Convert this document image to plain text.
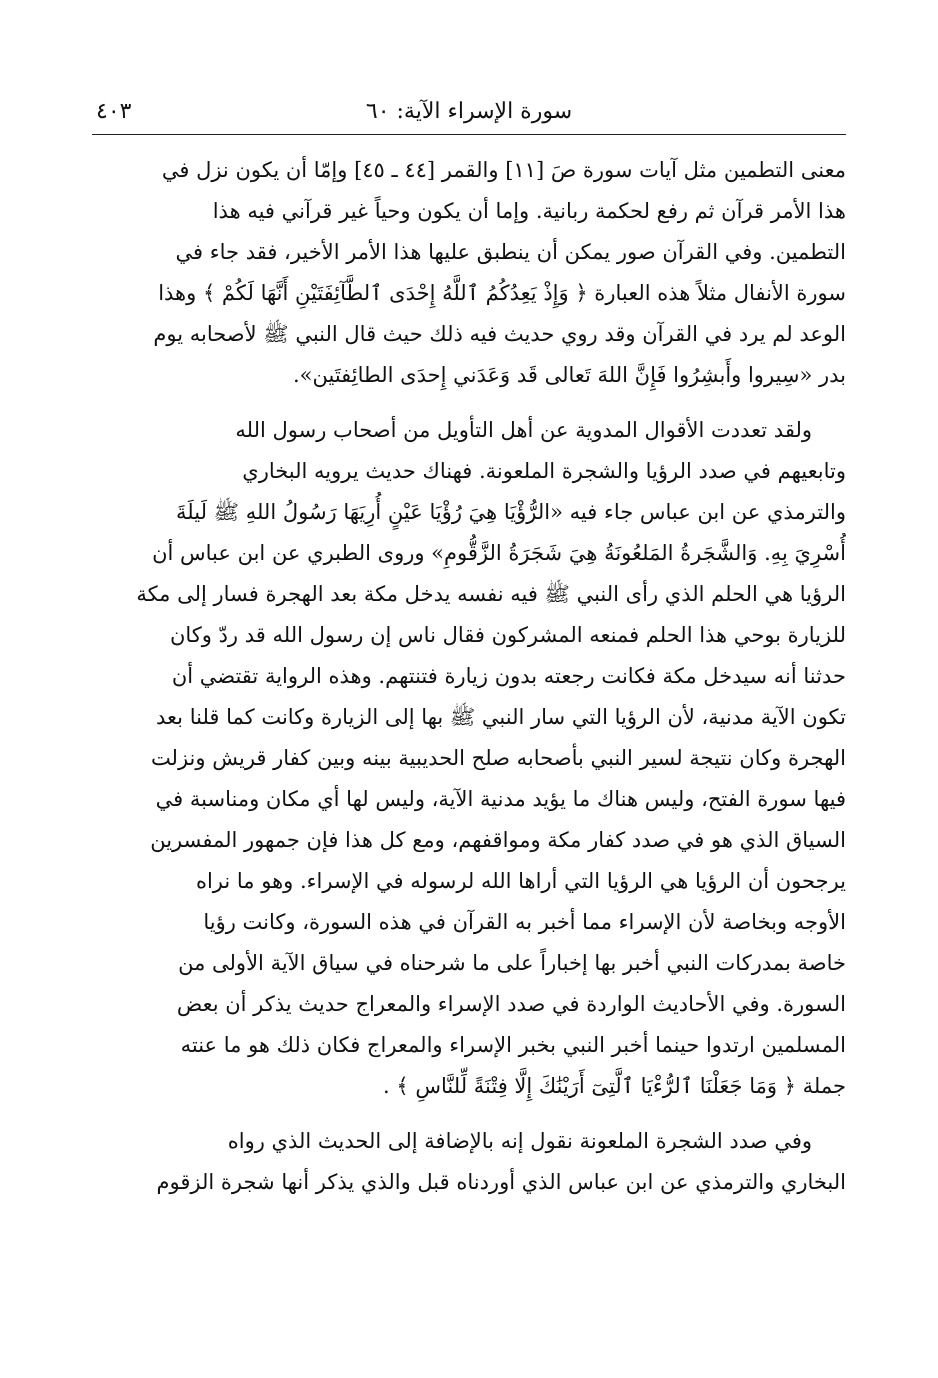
سورة الإسراء الآية: ٦٠
٤٠٣
معنى التطمين مثل آيات سورة صَ [١١] والقمر [٤٤ ـ ٤٥] وإمّا أن يكون نزل في
هذا الأمر قرآن ثم رفع لحكمة ربانية. وإما أن يكون وحياً غير قرآني فيه هذا
التطمين. وفي القرآن صور يمكن أن ينطبق عليها هذا الأمر الأخير، فقد جاء في
سورة الأنفال مثلاً هذه العبارة ﴿ وَإِذْ يَعِدُكُمُ ٱللَّهُ إِحْدَى ٱلطَّآئِفَتَيْنِ أَنَّهَا لَكُمْ ﴾ وهذا
الوعد لم يرد في القرآن وقد روي حديث فيه ذلك حيث قال النبي ﷺ لأصحابه يوم
بدر «سِيروا وأَبشِرُوا فَإِنَّ اللهَ تَعالى قَد وَعَدَني إِحدَى الطائِفتَين».
ولقد تعددت الأقوال المدوية عن أهل التأويل من أصحاب رسول الله
وتابعيهم في صدد الرؤيا والشجرة الملعونة. فهناك حديث يرويه البخاري
والترمذي عن ابن عباس جاء فيه «الرُّؤْيَا هِيَ رُؤْيَا عَيْنٍ أُرِيَهَا رَسُولُ اللهِ ﷺ لَيلَةَ
أُسْرِيَ بِهِ. وَالشَّجَرةُ المَلعُونَةُ هِيَ شَجَرَةُ الزَّقُّومِ» وروى الطبري عن ابن عباس أن
الرؤيا هي الحلم الذي رأى النبي ﷺ فيه نفسه يدخل مكة بعد الهجرة فسار إلى مكة
للزيارة بوحي هذا الحلم فمنعه المشركون فقال ناس إن رسول الله قد ردّ وكان
حدثنا أنه سيدخل مكة فكانت رجعته بدون زيارة فتنتهم. وهذه الرواية تقتضي أن
تكون الآية مدنية، لأن الرؤيا التي سار النبي ﷺ بها إلى الزيارة وكانت كما قلنا بعد
الهجرة وكان نتيجة لسير النبي بأصحابه صلح الحديبية بينه وبين كفار قريش ونزلت
فيها سورة الفتح، وليس هناك ما يؤيد مدنية الآية، وليس لها أي مكان ومناسبة في
السياق الذي هو في صدد كفار مكة ومواقفهم، ومع كل هذا فإن جمهور المفسرين
يرجحون أن الرؤيا هي الرؤيا التي أراها الله لرسوله في الإسراء. وهو ما نراه
الأوجه وبخاصة لأن الإسراء مما أخبر به القرآن في هذه السورة، وكانت رؤيا
خاصة بمدركات النبي أخبر بها إخباراً على ما شرحناه في سياق الآية الأولى من
السورة. وفي الأحاديث الواردة في صدد الإسراء والمعراج حديث يذكر أن بعض
المسلمين ارتدوا حينما أخبر النبي بخبر الإسراء والمعراج فكان ذلك هو ما عنته
جملة ﴿ وَمَا جَعَلْنَا ٱلرُّءْيَا ٱلَّتِىٓ أَرَيْنَٰكَ إِلَّا فِتْنَةً لِّلنَّاسِ ﴾ .
وفي صدد الشجرة الملعونة نقول إنه بالإضافة إلى الحديث الذي رواه
البخاري والترمذي عن ابن عباس الذي أوردناه قبل والذي يذكر أنها شجرة الزقوم
